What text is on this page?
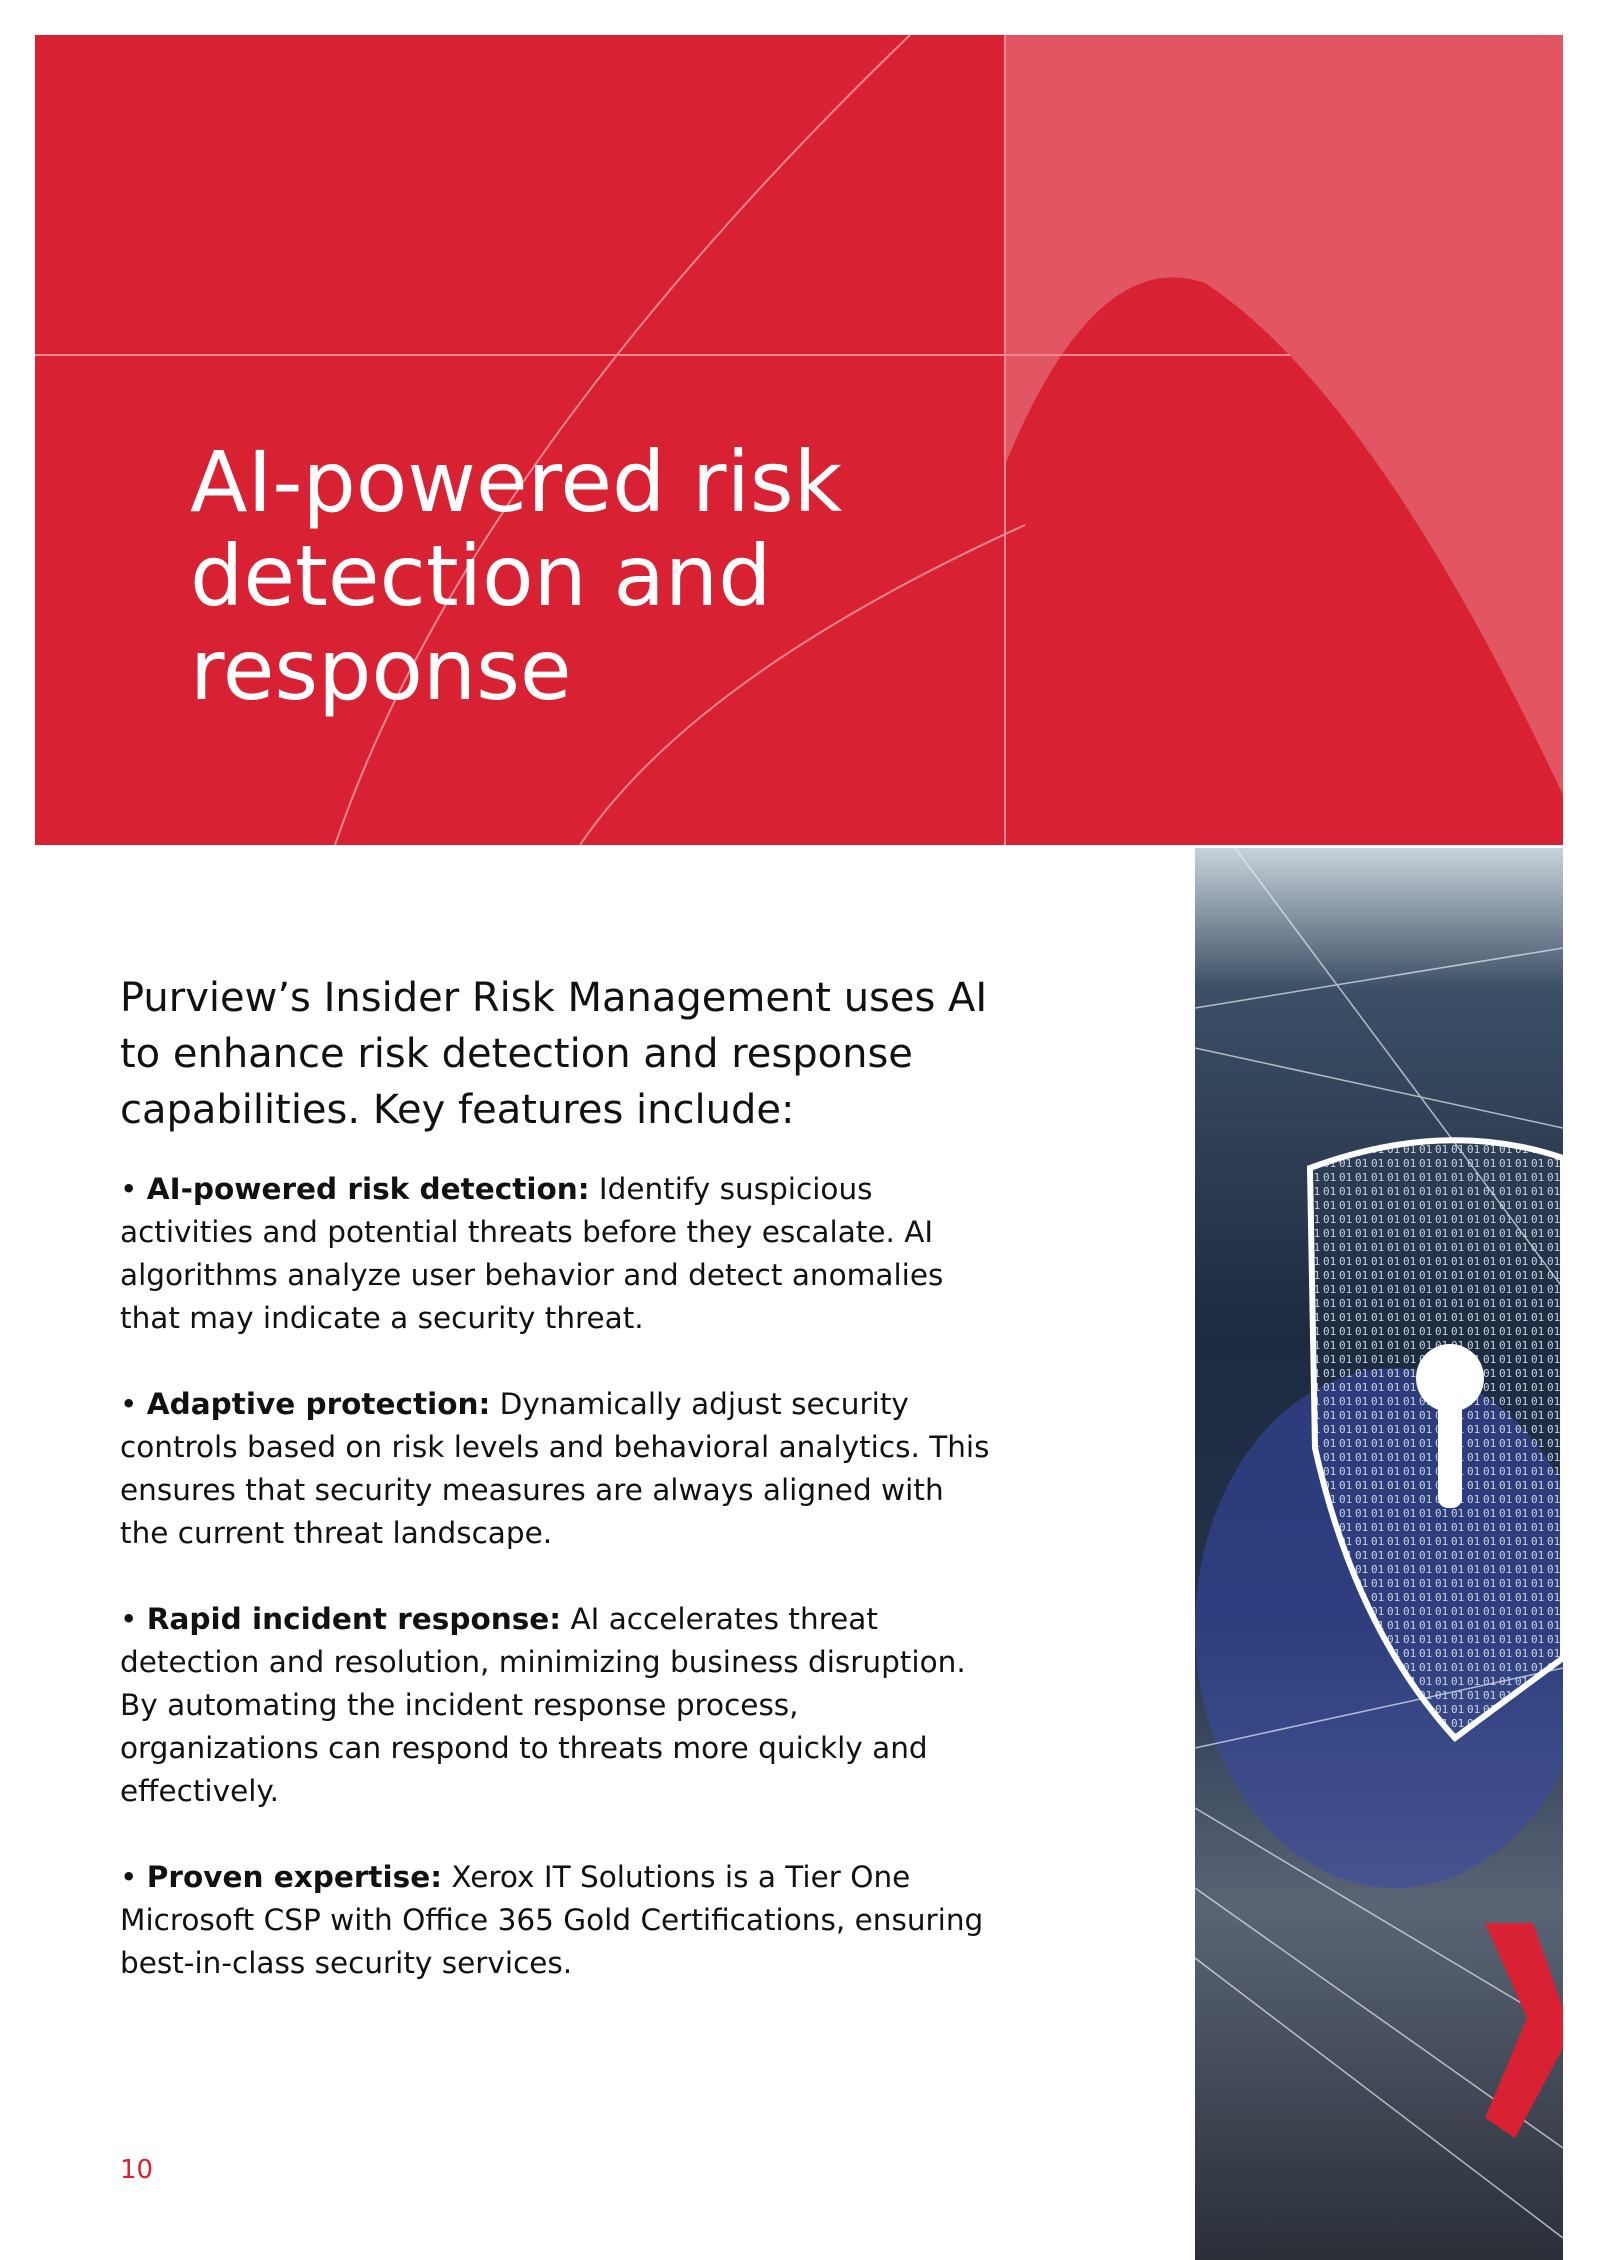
AI-powered risk
detection and
response

Purview’s Insider Risk Management uses AI to enhance risk detection and response capabilities. Key features include:

• AI-powered risk detection: Identify suspicious activities and potential threats before they escalate. AI algorithms analyze user behavior and detect anomalies that may indicate a security threat.

• Adaptive protection: Dynamically adjust security controls based on risk levels and behavioral analytics. This ensures that security measures are always aligned with the current threat landscape.

• Rapid incident response: AI accelerates threat detection and resolution, minimizing business disruption. By automating the incident response process, organizations can respond to threats more quickly and effectively.

• Proven expertise: Xerox IT Solutions is a Tier One Microsoft CSP with Office 365 Gold Certifications, ensuring best-in-class security services.

10
